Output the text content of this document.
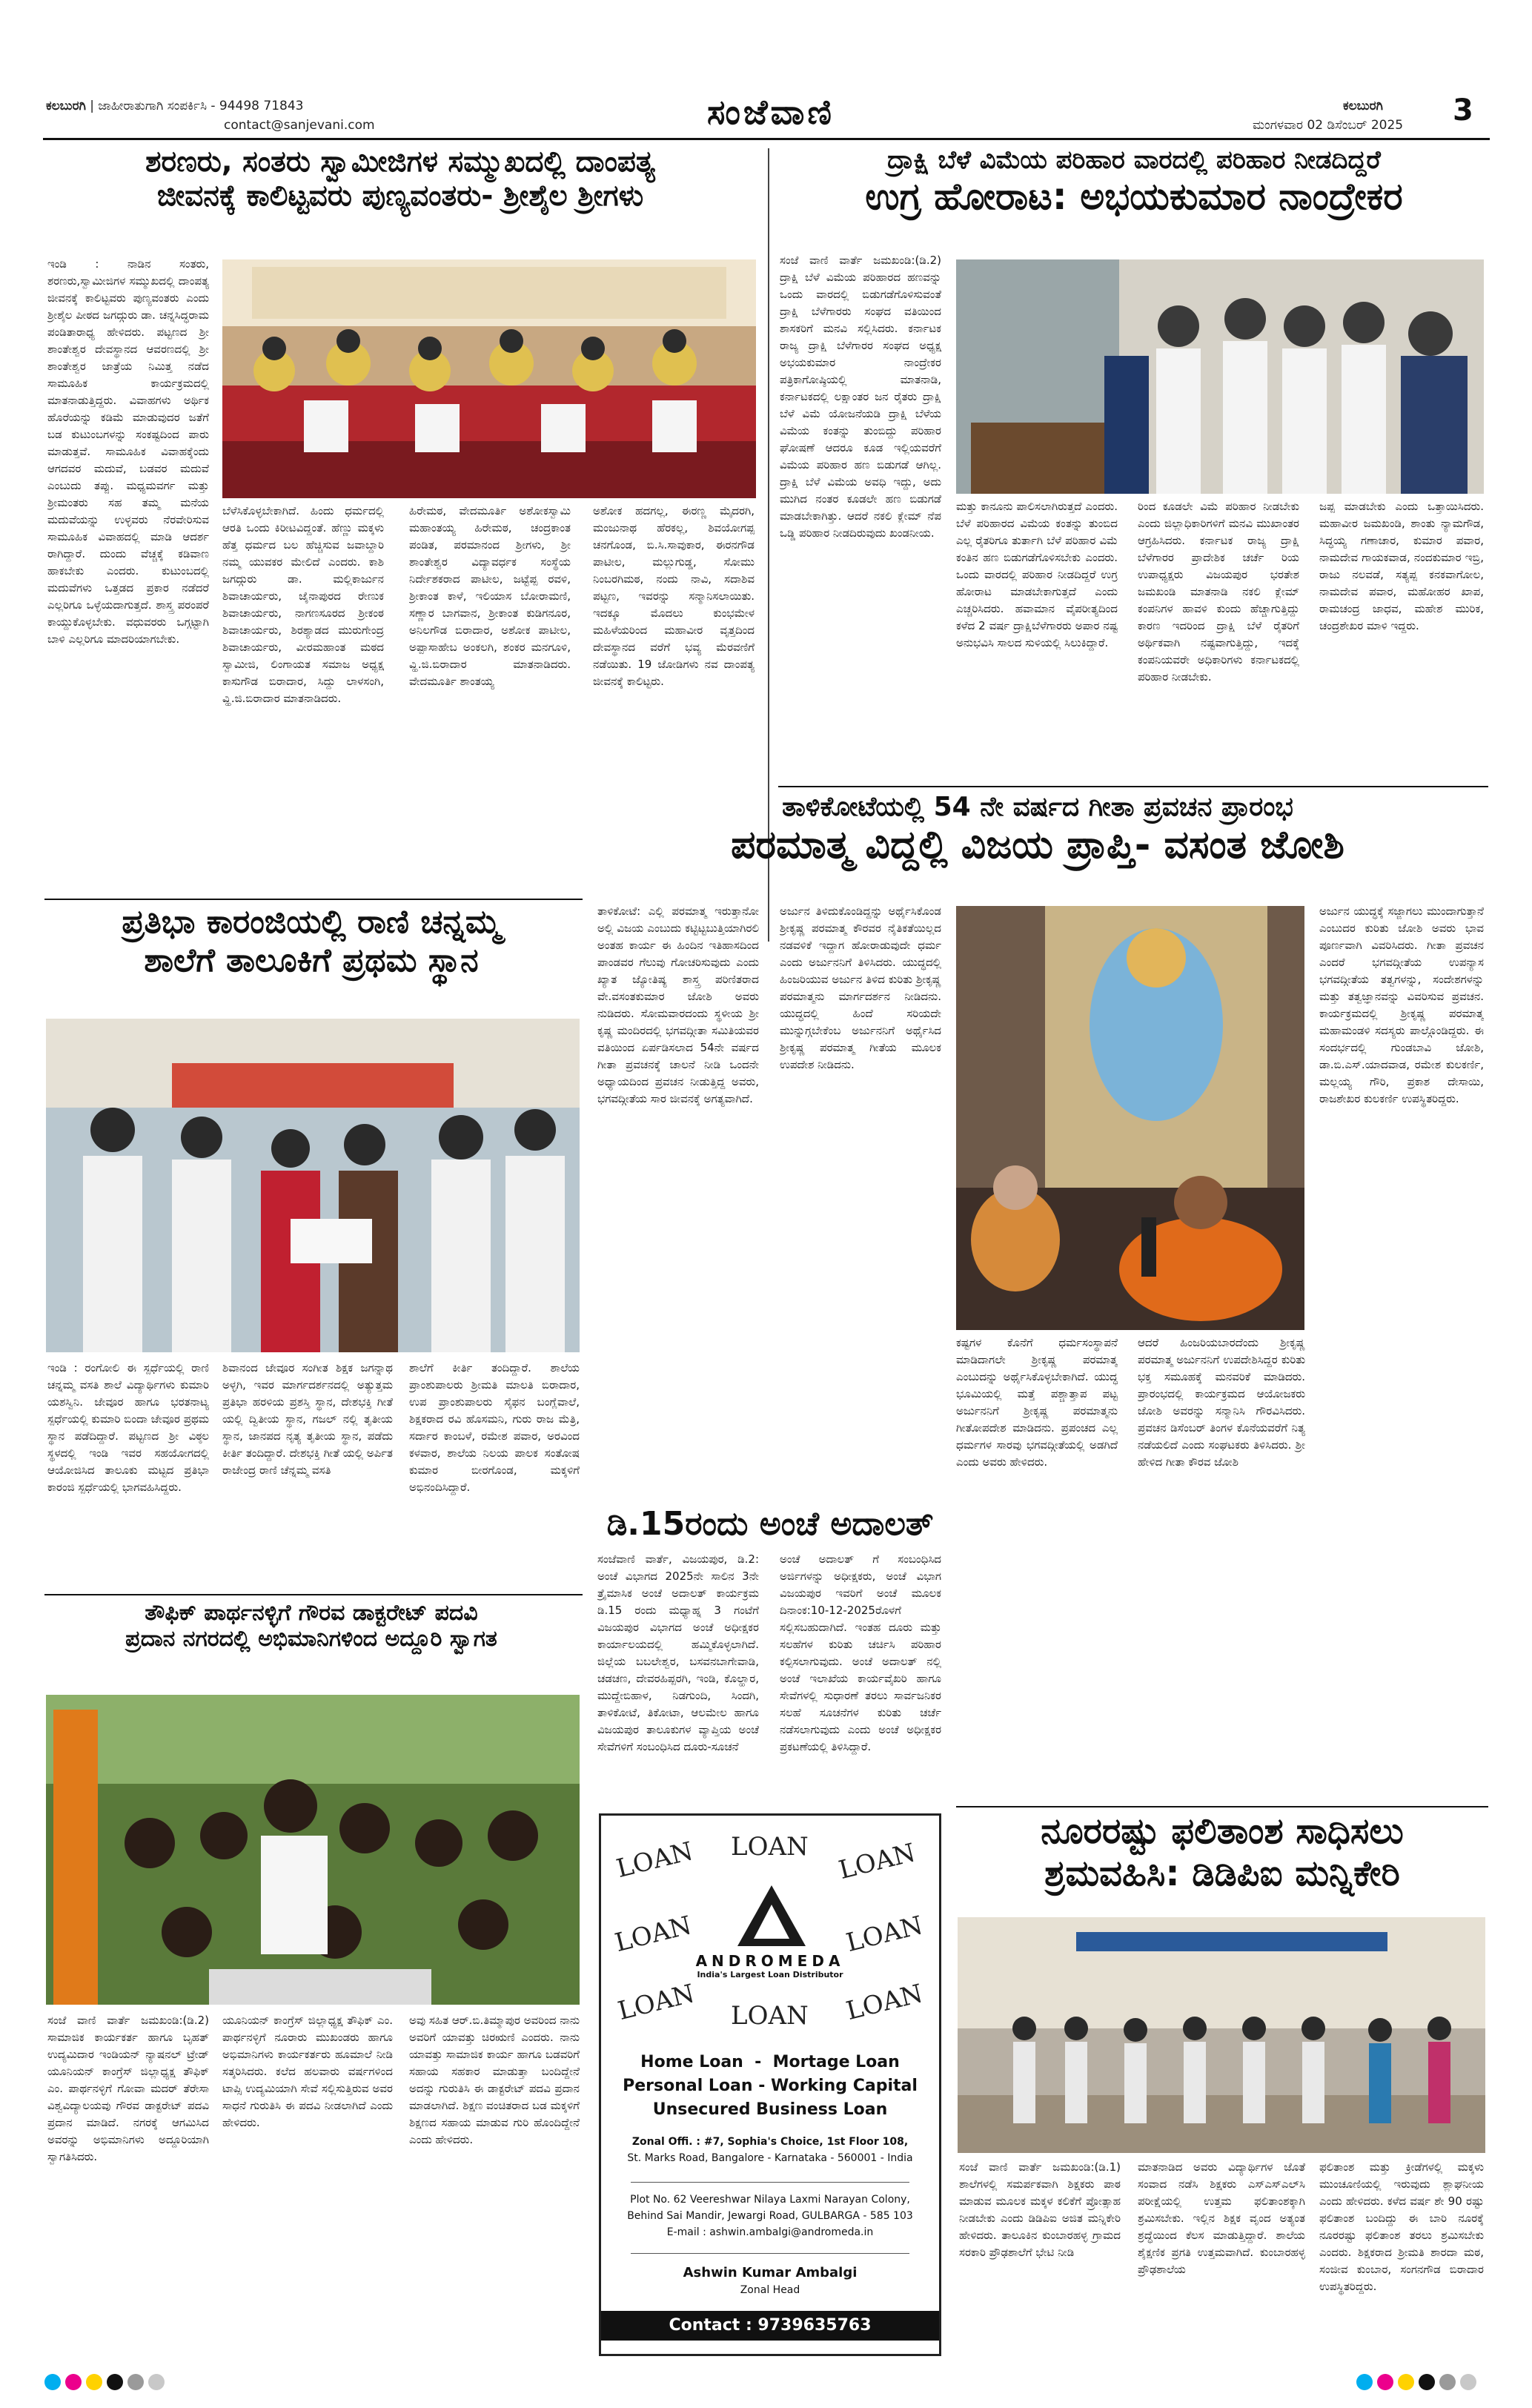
ಕಲಬುರಗಿ | ಜಾಹೀರಾತುಗಾಗಿ ಸಂಪರ್ಕಿಸಿ - 94498 71843
contact@sanjevani.com	ಸಂಜೆವಾಣಿ	ಕಲಬುರಗಿ
ಮಂಗಳವಾರ 02 ಡಿಸೆಂಬರ್ 2025 3
ಶರಣರು, ಸಂತರು ಸ್ವಾಮೀಜಿಗಳ ಸಮ್ಮುಖದಲ್ಲಿ ದಾಂಪತ್ಯ
ಜೀವನಕ್ಕೆ ಕಾಲಿಟ್ಟವರು ಪುಣ್ಯವಂತರು- ಶ್ರೀಶೈಲ ಶ್ರೀಗಳು
ಇಂಡಿ : ನಾಡಿನ ಸಂತರು, ಶರಣರು,ಸ್ವಾಮೀಜಿಗಳ ಸಮ್ಮುಖದಲ್ಲಿ ದಾಂಪತ್ಯ ಜೀವನಕ್ಕೆ ಕಾಲಿಟ್ಟವರು ಪುಣ್ಯವಂತರು ಎಂದು ಶ್ರೀಶೈಲ ಪೀಠದ ಜಗದ್ಗುರು ಡಾ. ಚನ್ನಸಿದ್ಧರಾಮ ಪಂಡಿತಾರಾಧ್ಯ ಹೇಳಿದರು. ಪಟ್ಟಣದ ಶ್ರೀ ಶಾಂತೇಶ್ವರ ದೇವಸ್ಥಾನದ ಆವರಣದಲ್ಲಿ ಶ್ರೀ ಶಾಂತೇಶ್ವರ ಜಾತ್ರೆಯ ನಿಮಿತ್ತ ನಡೆದ ಸಾಮೂಹಿಕ ಕಾರ್ಯಕ್ರಮದಲ್ಲಿ ಮಾತನಾಡುತ್ತಿದ್ದರು. ವಿವಾಹಗಳು ಅರ್ಥಿಕ ಹೊರೆಯನ್ನು ಕಡಿಮೆ ಮಾಡುವುದರ ಜತೆಗೆ ಬಡ ಕುಟುಂಬಗಳನ್ನು ಸಂಕಷ್ಟದಿಂದ ಪಾರು ಮಾಡುತ್ತವೆ. ಸಾಮೂಹಿಕ ವಿವಾಹಕ್ಕೆಂದು ಆಗದವರ ಮದುವೆ, ಬಡವರ ಮದುವೆ ಎಂಬುದು ತಪ್ಪು. ಮಧ್ಯಮವರ್ಗ ಮತ್ತು ಶ್ರೀಮಂತರು ಸಹ ತಮ್ಮ ಮನೆಯ ಮದುವೆಯನ್ನು ಉಳ್ಳವರು ನೆರವೇರಿಸುವ ಸಾಮೂಹಿಕ ವಿವಾಹದಲ್ಲಿ ಮಾಡಿ ಆದರ್ಶ ರಾಗಿದ್ದಾರೆ. ದುಂದು ವೆಚ್ಚಕ್ಕೆ ಕಡಿವಾಣ ಹಾಕಬೇಕು ಎಂದರು. ಕುಟುಂಬದಲ್ಲಿ ಮದುವೆಗಳು ಒತ್ತಡದ ಪ್ರಕಾರ ನಡೆದರೆ ಎಲ್ಲರಿಗೂ ಒಳ್ಳೆಯದಾಗುತ್ತದೆ. ಶಾಸ್ತ್ರ ಪರಂಪರೆ ಕಾಯ್ದುಕೊಳ್ಳಬೇಕು. ವಧುವರರು ಒಗ್ಗಟ್ಟಾಗಿ ಬಾಳಿ ಎಲ್ಲರಿಗೂ ಮಾದರಿಯಾಗಬೇಕು.
ಬೆಳೆಸಿಕೊಳ್ಳಬೇಕಾಗಿದೆ. ಹಿಂದು ಧರ್ಮದಲ್ಲಿ ಆರತಿ ಒಂದು ಕಿರೀಟವಿದ್ದಂತೆ. ಹೆಣ್ಣು ಮಕ್ಕಳು ಹೆತ್ತ ಧರ್ಮದ ಬಲ ಹೆಚ್ಚಿಸುವ ಜವಾಬ್ದಾರಿ ನಮ್ಮ ಯುವಕರ ಮೇಲಿದೆ ಎಂದರು. ಕಾಶಿ ಜಗದ್ಗುರು ಡಾ. ಮಲ್ಲಿಕಾರ್ಜುನ ಶಿವಾಚಾರ್ಯರು, ಜೈನಾಪುರದ ರೇಣುಕ ಶಿವಾಚಾರ್ಯರು, ನಾಗಣಸೂರದ ಶ್ರೀಕಂಠ ಶಿವಾಚಾರ್ಯರು, ಶಿರಶ್ಯಾಡದ ಮುರುಗೇಂದ್ರ ಶಿವಾಚಾರ್ಯರು, ವೀರಮಹಾಂತ ಮಠದ ಸ್ವಾಮೀಜಿ, ಲಿಂಗಾಯತ ಸಮಾಜ ಅಧ್ಯಕ್ಷ ಕಾಸುಗೌಡ ಬಿರಾದಾರ, ಸಿದ್ದು ಲಾಳಸಂಗಿ, ವ್ಹಿ.ಜಿ.ಬಿರಾದಾರ ಮಾತನಾಡಿದರು.
ಹಿರೇಮಠ, ವೇದಮೂರ್ತಿ ಅಶೋಕಸ್ವಾಮಿ ಮಹಾಂತಯ್ಯ ಹಿರೇಮಠ, ಚಂದ್ರಕಾಂತ ಪಂಡಿತ, ಪರಮಾನಂದ ಶ್ರೀಗಳು, ಶ್ರೀ ಶಾಂತೇಶ್ವರ ವಿದ್ಯಾವರ್ಧಕ ಸಂಸ್ಥೆಯ ನಿರ್ದೇಶಕರಾದ ಪಾಟೀಲ, ಜಟ್ಟೆಪ್ಪ ರವಳಿ, ಶ್ರೀಕಾಂತ ಕಾಳೆ, ಇಲಿಯಾಸ ಬೋರಾಮಣಿ, ಸಣ್ಣಾರ ಬಾಗವಾನ, ಶ್ರೀಕಾಂತ ಕುಡಿಗನೂರ, ಅನಿಲಗೌಡ ಬಿರಾದಾರ, ಅಶೋಕ ಪಾಟೀಲ, ಅಪ್ಪಾಸಾಹೇಬ ಅಂಕಲಗಿ, ಶಂಕರ ಮನಗೂಳಿ, ವ್ಹಿ.ಜಿ.ಬಿರಾದಾರ ಮಾತನಾಡಿದರು. ವೇದಮೂರ್ತಿ ಶಾಂತಯ್ಯ
ಅಶೋಕ ಹದಗಲ್ಲ, ಈರಣ್ಣ ಮೈದರಗಿ, ಮಂಜುನಾಥ ಹೆರಕಲ್ಲ, ಶಿವಯೋಗಪ್ಪ ಚನಗೊಂಡ, ಬಿ.ಸಿ.ಸಾವುಕಾರ, ಈರನಗೌಡ ಪಾಟೀಲ, ಮಲ್ಲುಗುಡ್ಡ, ಸೋಮು ನಿಂಬರಗಿಮಠ, ನಂದು ನಾವಿ, ಸದಾಶಿವ ಪಟ್ಟಣ, ಇವರನ್ನು ಸನ್ಮಾನಿಸಲಾಯಿತು. ಇದಕ್ಕೂ ಮೊದಲು ಕುಂಭಮೇಳ ಮಹಿಳೆಯರಿಂದ ಮಹಾವೀರ ವೃತ್ತದಿಂದ ದೇವಸ್ಥಾನದ ವರೆಗೆ ಭವ್ಯ ಮೆರವಣಿಗೆ ನಡೆಯಿತು. 19 ಜೋಡಿಗಳು ನವ ದಾಂಪತ್ಯ ಜೀವನಕ್ಕೆ ಕಾಲಿಟ್ಟರು.
ದ್ರಾಕ್ಷಿ ಬೆಳೆ ವಿಮೆಯ ಪರಿಹಾರ ವಾರದಲ್ಲಿ ಪರಿಹಾರ ನೀಡದಿದ್ದರೆ
ಉಗ್ರ ಹೋರಾಟ: ಅಭಯಕುಮಾರ ನಾಂದ್ರೇಕರ
ಸಂಜೆ ವಾಣಿ ವಾರ್ತೆ ಜಮಖಂಡಿ:(ಡಿ.2) ದ್ರಾಕ್ಷಿ ಬೆಳೆ ವಿಮೆಯ ಪರಿಹಾರದ ಹಣವನ್ನು ಒಂದು ವಾರದಲ್ಲಿ ಬಿಡುಗಡೆಗೊಳಿಸುವಂತೆ ದ್ರಾಕ್ಷಿ ಬೆಳೆಗಾರರು ಸಂಘದ ವತಿಯಿಂದ ಶಾಸಕರಿಗೆ ಮನವಿ ಸಲ್ಲಿಸಿದರು. ಕರ್ನಾಟಕ ರಾಜ್ಯ ದ್ರಾಕ್ಷಿ ಬೆಳೆಗಾರರ ಸಂಘದ ಅಧ್ಯಕ್ಷ ಅಭಯಕುಮಾರ ನಾಂದ್ರೇಕರ ಪತ್ರಿಕಾಗೋಷ್ಠಿಯಲ್ಲಿ ಮಾತನಾಡಿ, ಕರ್ನಾಟಕದಲ್ಲಿ ಲಕ್ಷಾಂತರ ಜನ ರೈತರು ದ್ರಾಕ್ಷಿ ಬೆಳೆ ವಿಮೆ ಯೋಜನೆಯಡಿ ದ್ರಾಕ್ಷಿ ಬೆಳೆಯ ವಿಮೆಯ ಕಂತನ್ನು ತುಂಬಿದ್ದು ಪರಿಹಾರ ಘೋಷಣೆ ಆದರೂ ಕೂಡ ಇಲ್ಲಿಯವರೆಗೆ ವಿಮೆಯ ಪರಿಹಾರ ಹಣ ಬಿಡುಗಡೆ ಆಗಿಲ್ಲ. ದ್ರಾಕ್ಷಿ ಬೆಳೆ ವಿಮೆಯ ಅವಧಿ ಇದ್ದು, ಅದು ಮುಗಿದ ನಂತರ ಕೂಡಲೇ ಹಣ ಬಿಡುಗಡೆ ಮಾಡಬೇಕಾಗಿತ್ತು. ಆದರೆ ನಕಲಿ ಕ್ಲೇಮ್ ನೆಪ ಒಡ್ಡಿ ಪರಿಹಾರ ನೀಡದಿರುವುದು ಖಂಡನೀಯ.
ಮತ್ತು ಕಾನೂನು ಪಾಲಿಸಲಾಗಿರುತ್ತದೆ ಎಂದರು. ಬೆಳೆ ಪರಿಹಾರದ ವಿಮೆಯ ಕಂತನ್ನು ತುಂಬಿದ ಎಲ್ಲ ರೈತರಿಗೂ ತುರ್ತಾಗಿ ಬೆಳೆ ಪರಿಹಾರ ವಿಮೆ ಕಂತಿನ ಹಣ ಬಿಡುಗಡೆಗೊಳಿಸಬೇಕು ಎಂದರು. ಒಂದು ವಾರದಲ್ಲಿ ಪರಿಹಾರ ನೀಡದಿದ್ದರೆ ಉಗ್ರ ಹೋರಾಟ ಮಾಡಬೇಕಾಗುತ್ತದೆ ಎಂದು ಎಚ್ಚರಿಸಿದರು. ಹವಾಮಾನ ವೈಪರೀತ್ಯದಿಂದ ಕಳೆದ 2 ವರ್ಷ ದ್ರಾಕ್ಷಿಬೆಳೆಗಾರರು ಅಪಾರ ನಷ್ಟ ಅನುಭವಿಸಿ ಸಾಲದ ಸುಳಿಯಲ್ಲಿ ಸಿಲುಕಿದ್ದಾರೆ.
ರಿಂದ ಕೂಡಲೇ ವಿಮೆ ಪರಿಹಾರ ನೀಡಬೇಕು ಎಂದು ಜಿಲ್ಲಾಧಿಕಾರಿಗಳಿಗೆ ಮನವಿ ಮುಖಾಂತರ ಆಗ್ರಹಿಸಿದರು. ಕರ್ನಾಟಕ ರಾಜ್ಯ ದ್ರಾಕ್ಷಿ ಬೆಳೆಗಾರರ ಪ್ರಾದೇಶಿಕ ಚರ್ಚೆ ರಿಯ ಉಪಾಧ್ಯಕ್ಷರು ವಿಜಯಪುರ ಭರತೇಶ ಜಮಖಂಡಿ ಮಾತನಾಡಿ ನಕಲಿ ಕ್ಲೇಮ್ ಕಂಪನಿಗಳ ಹಾವಳಿ ಕುಂದು ಹೆಚ್ಚಾಗುತ್ತಿದ್ದು ಕಾರಣ ಇದರಿಂದ ದ್ರಾಕ್ಷಿ ಬೆಳೆ ರೈತರಿಗೆ ಅರ್ಥಿಕವಾಗಿ ನಷ್ಟವಾಗುತ್ತಿದ್ದು, ಇದಕ್ಕೆ ಕಂಪನಿಯವರೇ ಅಧಿಕಾರಿಗಳು ಕರ್ನಾಟಕದಲ್ಲಿ ಪರಿಹಾರ ನೀಡಬೇಕು.
ಜಪ್ಪ ಮಾಡಬೇಕು ಎಂದು ಒತ್ತಾಯಿಸಿದರು. ಮಹಾವೀರ ಜಮಖಂಡಿ, ಶಾಂತು ನ್ಯಾಮಗೌಡ, ಸಿದ್ಧಯ್ಯ ಗಣಾಚಾರ, ಕುಮಾರ ಪವಾರ, ನಾಮದೇವ ಗಾಯಕವಾಡ, ನಂದಕುಮಾರ ಇಬ್ರಿ, ರಾಜು ನಲವಡೆ, ಸತ್ಯಪ್ಪ ಕನಕವಾಗೋಲ, ನಾಮದೇವ ಪವಾರ, ಮಹೋಹರ ಖಾಪ, ರಾಮಚಂದ್ರ ಜಾಧವ, ಮಹೇಶ ಮುರಿಕ, ಚಂದ್ರಶೇಖರ ಮಾಳಿ ಇದ್ದರು.
ತಾಳಿಕೋಟೆಯಲ್ಲಿ 54 ನೇ ವರ್ಷದ ಗೀತಾ ಪ್ರವಚನ ಪ್ರಾರಂಭ
ಪರಮಾತ್ಮ ವಿದ್ದಲ್ಲಿ ವಿಜಯ ಪ್ರಾಪ್ತಿ- ವಸಂತ ಜೋಶಿ
ತಾಳಿಕೋಟೆ: ಎಲ್ಲಿ ಪರಮಾತ್ಮ ಇರುತ್ತಾನೋ ಅಲ್ಲಿ ವಿಜಯ ಎಂಬುದು ಕಟ್ಟಿಟ್ಟಬುತ್ತಿಯಾಗಿರಲಿ ಅಂತಹ ಕಾರ್ಯ ಈ ಹಿಂದಿನ ಇತಿಹಾಸದಿಂದ ಪಾಂಡವರ ಗೆಲುವು ಗೋಚರಿಸುವುದು ಎಂದು ಖ್ಯಾತ ಜ್ಯೋತಿಷ್ಯ ಶಾಸ್ತ್ರ ಪರಿಣಿತರಾದ ವೇ.ವಸಂತಕುಮಾರ ಜೋಶಿ ಅವರು ನುಡಿದರು. ಸೋಮವಾರದಂದು ಸ್ಥಳೀಯ ಶ್ರೀ ಕೃಷ್ಣ ಮಂದಿರದಲ್ಲಿ ಭಗವದ್ಗೀತಾ ಸಮಿತಿಯವರ ವತಿಯಿಂದ ಏರ್ಪಡಿಸಲಾದ 54ನೇ ವರ್ಷದ ಗೀತಾ ಪ್ರವಚನಕ್ಕೆ ಚಾಲನೆ ನೀಡಿ ಒಂದನೇ ಅಧ್ಯಾಯದಿಂದ ಪ್ರವಚನ ನೀಡುತ್ತಿದ್ದ ಅವರು, ಭಗವದ್ಗೀತೆಯ ಸಾರ ಜೀವನಕ್ಕೆ ಅಗತ್ಯವಾಗಿದೆ.
ಅರ್ಜುನ ತಿಳಿದುಕೊಂಡಿದ್ದನ್ನು ಅರ್ಥೈಸಿಕೊಂಡ ಶ್ರೀಕೃಷ್ಣ ಪರಮಾತ್ಮ ಕೌರವರ ನೈತಿಕತೆಯಿಲ್ಲದ ನಡವಳಿಕೆ ಇದ್ದಾಗ ಹೋರಾಡುವುದೇ ಧರ್ಮ ಎಂದು ಅರ್ಜುನನಿಗೆ ತಿಳಿಸಿದರು. ಯುದ್ಧದಲ್ಲಿ ಹಿಂಜರಿಯುವ ಅರ್ಜುನ ತಿಳಿದ ಕುರಿತು ಶ್ರೀಕೃಷ್ಣ ಪರಮಾತ್ಮನು ಮಾರ್ಗದರ್ಶನ ನೀಡಿದನು. ಯುದ್ಧದಲ್ಲಿ ಹಿಂದೆ ಸರಿಯದೇ ಮುನ್ನುಗ್ಗಬೇಕೆಂಬ ಅರ್ಜುನನಿಗೆ ಅರ್ಥೈಸಿದ ಶ್ರೀಕೃಷ್ಣ ಪರಮಾತ್ಮ ಗೀತೆಯ ಮೂಲಕ ಉಪದೇಶ ನೀಡಿದನು.
ಅರ್ಜುನ ಯುದ್ಧಕ್ಕೆ ಸಜ್ಜಾಗಲು ಮುಂದಾಗುತ್ತಾನೆ ಎಂಬುದರ ಕುರಿತು ಜೋಶಿ ಅವರು ಭಾವ ಪೂರ್ಣವಾಗಿ ವಿವರಿಸಿದರು. ಗೀತಾ ಪ್ರವಚನ ಎಂದರೆ ಭಗವದ್ಗೀತೆಯ ಉಪನ್ಯಾಸ ಭಗವದ್ಗೀತೆಯ ತತ್ವಗಳನ್ನು, ಸಂದೇಶಗಳನ್ನು ಮತ್ತು ತತ್ವಜ್ಞಾನವನ್ನು ವಿವರಿಸುವ ಪ್ರವಚನ. ಕಾರ್ಯಕ್ರಮದಲ್ಲಿ ಶ್ರೀಕೃಷ್ಣ ಪರಮಾತ್ಮ ಮಹಾಮಂಡಳಿ ಸದಸ್ಯರು ಪಾಲ್ಗೊಂಡಿದ್ದರು. ಈ ಸಂದರ್ಭದಲ್ಲಿ ಗುಂಡಬಾವಿ ಜೋಶಿ, ಡಾ.ಬಿ.ಎಸ್.ಯಾದವಾಡ, ರಮೇಶ ಕುಲಕರ್ಣಿ, ಮಲ್ಲಯ್ಯ ಗೌರಿ, ಪ್ರಕಾಶ ದೇಸಾಯಿ, ರಾಜಶೇಖರ ಕುಲಕರ್ಣಿ ಉಪಸ್ಥಿತರಿದ್ದರು.
ಕಷ್ಟಗಳ ಕೊನೆಗೆ ಧರ್ಮಸಂಸ್ಥಾಪನೆ ಮಾಡಿದಾಗಲೇ ಶ್ರೀಕೃಷ್ಣ ಪರಮಾತ್ಮ ಎಂಬುದನ್ನು ಅರ್ಥೈಸಿಕೊಳ್ಳಬೇಕಾಗಿದೆ. ಯುದ್ಧ ಭೂಮಿಯಲ್ಲಿ ಮತ್ತೆ ಪಶ್ಚಾತ್ತಾಪ ಪಟ್ಟ ಅರ್ಜುನನಿಗೆ ಶ್ರೀಕೃಷ್ಣ ಪರಮಾತ್ಮನು ಗೀತೋಪದೇಶ ಮಾಡಿದನು. ಪ್ರಪಂಚದ ಎಲ್ಲ ಧರ್ಮಗಳ ಸಾರವು ಭಗವದ್ಗೀತೆಯಲ್ಲಿ ಅಡಗಿದೆ ಎಂದು ಅವರು ಹೇಳಿದರು.
ಆದರೆ ಹಿಂಜರಿಯಬಾರದೆಂದು ಶ್ರೀಕೃಷ್ಣ ಪರಮಾತ್ಮ ಅರ್ಜುನನಿಗೆ ಉಪದೇಶಿಸಿದ್ದರ ಕುರಿತು ಭಕ್ತ ಸಮೂಹಕ್ಕೆ ಮನವರಿಕೆ ಮಾಡಿದರು. ಪ್ರಾರಂಭದಲ್ಲಿ ಕಾರ್ಯಕ್ರಮದ ಆಯೋಜಕರು ಜೋಶಿ ಅವರನ್ನು ಸನ್ಮಾನಿಸಿ ಗೌರವಿಸಿದರು. ಪ್ರವಚನ ಡಿಸೆಂಬರ್ ತಿಂಗಳ ಕೊನೆಯವರೆಗೆ ನಿತ್ಯ ನಡೆಯಲಿದೆ ಎಂದು ಸಂಘಟಕರು ತಿಳಿಸಿದರು. ಶ್ರೀ ಹೇಳಿದ ಗೀತಾ ಕೌರವ ಜೋಶಿ
ಪ್ರತಿಭಾ ಕಾರಂಜಿಯಲ್ಲಿ ರಾಣಿ ಚನ್ನಮ್ಮ
ಶಾಲೆಗೆ ತಾಲೂಕಿಗೆ ಪ್ರಥಮ ಸ್ಥಾನ
ಇಂಡಿ : ರಂಗೋಲಿ ಈ ಸ್ಪರ್ಧೆಯಲ್ಲಿ ರಾಣಿ ಚನ್ನಮ್ಮ ವಸತಿ ಶಾಲೆ ವಿದ್ಯಾರ್ಥಿಗಳು ಕುಮಾರಿ ಯಶಸ್ವಿನಿ. ಜೇವೂರ ಹಾಗೂ ಭರತನಾಟ್ಯ ಸ್ಪರ್ಧೆಯಲ್ಲಿ ಕುಮಾರಿ ಬಿಂದಾ ಜೇವೂರ ಪ್ರಥಮ ಸ್ಥಾನ ಪಡೆದಿದ್ದಾರೆ. ಪಟ್ಟಣದ ಶ್ರೀ ವಿಠ್ಠಲ ಸ್ಥಳದಲ್ಲಿ ಇಂಡಿ ಇವರ ಸಹಯೋಗದಲ್ಲಿ ಆಯೋಜಿಸಿದ ತಾಲೂಕು ಮಟ್ಟದ ಪ್ರತಿಭಾ ಕಾರಂಜಿ ಸ್ಪರ್ಧೆಯಲ್ಲಿ ಭಾಗವಹಿಸಿದ್ದರು.
ಶಿವಾನಂದ ಜೇವೂರ ಸಂಗೀತ ಶಿಕ್ಷಕ ಜಗನ್ನಾಥ ಅಳ್ಳಗಿ, ಇವರ ಮಾರ್ಗದರ್ಶನದಲ್ಲಿ ಅತ್ಯುತ್ತಮ ಪ್ರತಿಭಾ ಹರಳಿಯ ಪ್ರಶಸ್ತಿ ಸ್ಥಾನ, ದೇಶಭಕ್ತಿ ಗೀತೆ ಯಲ್ಲಿ ದ್ವಿತೀಯ ಸ್ಥಾನ, ಗಜಲ್ ನಲ್ಲಿ ತೃತೀಯ ಸ್ಥಾನ, ಜಾನಪದ ನೃತ್ಯ ತೃತೀಯ ಸ್ಥಾನ, ಪಡೆದು ಕೀರ್ತಿ ತಂದಿದ್ದಾರೆ. ದೇಶಭಕ್ತಿ ಗೀತೆ ಯಲ್ಲಿ ಅರ್ಪಿತ ರಾಜೇಂದ್ರ ರಾಣಿ ಚೆನ್ನಮ್ಮ ವಸತಿ
ಶಾಲೆಗೆ ಕೀರ್ತಿ ತಂದಿದ್ದಾರೆ. ಶಾಲೆಯ ಪ್ರಾಂಶುಪಾಲರು ಶ್ರೀಮತಿ ಮಾಲತಿ ಬಿರಾದಾರ, ಉಪ ಪ್ರಾಂಶುಪಾಲರು ಸೈಫನ ಬಂಗ್ಲೆವಾಲೆ, ಶಿಕ್ಷಕರಾದ ರವಿ ಹೊಸಮನಿ, ಗುರು ರಾಜ ಮೆತ್ರಿ, ಸರ್ದಾರ ಕಾಂಬಳೆ, ರಮೇಶ ಪವಾರ, ಅರವಿಂದ ಕಳವಾರ, ಶಾಲೆಯ ನಿಲಯ ಪಾಲಕ ಸಂತೋಷ ಕುಮಾರ ಬೀರಗೊಂಡ, ಮಕ್ಕಳಿಗೆ ಅಭಿನಂದಿಸಿದ್ದಾರೆ.
ತೌಫಿಕ್ ಪಾರ್ಥನಳ್ಳಿಗೆ ಗೌರವ ಡಾಕ್ಟರೇಟ್ ಪದವಿ
ಪ್ರದಾನ ನಗರದಲ್ಲಿ ಅಭಿಮಾನಿಗಳಿಂದ ಅದ್ದೂರಿ ಸ್ವಾಗತ
ಸಂಜೆ ವಾಣಿ ವಾರ್ತೆ ಜಮಖಂಡಿ:(ಡಿ.2) ಸಾಮಾಜಿಕ ಕಾರ್ಯಕರ್ತ ಹಾಗೂ ಬೃಹತ್ ಉದ್ಯಮಿದಾರ ಇಂಡಿಯನ್ ನ್ಯಾಷನಲ್ ಟ್ರೇಡ್ ಯೂನಿಯನ್ ಕಾಂಗ್ರೆಸ್ ಜಿಲ್ಲಾಧ್ಯಕ್ಷ ತೌಫಿಕ್ ಎಂ. ಪಾರ್ಥನಳ್ಳಿಗೆ ಗೋವಾ ಮದರ್ ತೆರೇಸಾ ವಿಶ್ವವಿದ್ಯಾಲಯವು ಗೌರವ ಡಾಕ್ಟರೇಟ್ ಪದವಿ ಪ್ರದಾನ ಮಾಡಿದೆ. ನಗರಕ್ಕೆ ಆಗಮಿಸಿದ ಅವರನ್ನು ಅಭಿಮಾನಿಗಳು ಅದ್ದೂರಿಯಾಗಿ ಸ್ವಾಗತಿಸಿದರು.
ಯೂನಿಯನ್ ಕಾಂಗ್ರೆಸ್ ಜಿಲ್ಲಾಧ್ಯಕ್ಷ ತೌಫಿಕ್ ಎಂ. ಪಾರ್ಥನಳ್ಳಿಗೆ ನೂರಾರು ಮುಖಂಡರು ಹಾಗೂ ಅಭಿಮಾನಿಗಳು ಕಾರ್ಯಕರ್ತರು ಹೂಮಾಲೆ ನೀಡಿ ಸತ್ಕರಿಸಿದರು. ಕಲೆದ ಹಲವಾರು ವರ್ಷಗಳಿಂದ ಟಾಪ್ಸಿ ಉದ್ಯಮಿಯಾಗಿ ಸೇವೆ ಸಲ್ಲಿಸುತ್ತಿರುವ ಅವರ ಸಾಧನೆ ಗುರುತಿಸಿ ಈ ಪದವಿ ನೀಡಲಾಗಿದೆ ಎಂದು ಹೇಳಿದರು.
ಅವು ಸಹಿತ ಆರ್.ಬಿ.ತಿಮ್ಮಾಪುರ ಅವರಿಂದ ನಾನು ಅವರಿಗೆ ಯಾವತ್ತು ಚಿರಋಣಿ ಎಂದರು. ನಾನು ಯಾವತ್ತು ಸಾಮಾಜಿಕ ಕಾರ್ಯ ಹಾಗೂ ಬಡವರಿಗೆ ಸಹಾಯ ಸಹಕಾರ ಮಾಡುತ್ತಾ ಬಂದಿದ್ದೇನೆ ಅದನ್ನು ಗುರುತಿಸಿ ಈ ಡಾಕ್ಟರೇಟ್ ಪದವಿ ಪ್ರದಾನ ಮಾಡಲಾಗಿದೆ. ಶಿಕ್ಷಣ ವಂಚಿತರಾದ ಬಡ ಮಕ್ಕಳಿಗೆ ಶಿಕ್ಷಣದ ಸಹಾಯ ಮಾಡುವ ಗುರಿ ಹೊಂದಿದ್ದೇನೆ ಎಂದು ಹೇಳಿದರು.
ಡಿ.15ರಂದು ಅಂಚೆ ಅದಾಲತ್
ಸಂಜೆವಾಣಿ ವಾರ್ತೆ, ವಿಜಯಪುರ, ಡಿ.2: ಅಂಚೆ ವಿಭಾಗದ 2025ನೇ ಸಾಲಿನ 3ನೇ ತ್ರೈಮಾಸಿಕ ಅಂಚೆ ಅದಾಲತ್ ಕಾರ್ಯಕ್ರಮ ಡಿ.15 ರಂದು ಮಧ್ಯಾಹ್ನ 3 ಗಂಟೆಗೆ ವಿಜಯಪುರ ವಿಭಾಗದ ಅಂಚೆ ಅಧೀಕ್ಷಕರ ಕಾರ್ಯಾಲಯದಲ್ಲಿ ಹಮ್ಮಿಕೊಳ್ಳಲಾಗಿದೆ. ಜಿಲ್ಲೆಯ ಬಬಲೇಶ್ವರ, ಬಸವನಬಾಗೇವಾಡಿ, ಚಡಚಣ, ದೇವರಹಿಪ್ಪರಗಿ, ಇಂಡಿ, ಕೊಲ್ಹಾರ, ಮುದ್ದೇಬಿಹಾಳ, ನಿಡಗುಂದಿ, ಸಿಂದಗಿ, ತಾಳಿಕೋಟೆ, ತಿಕೋಟಾ, ಆಲಮೇಲ ಹಾಗೂ ವಿಜಯಪುರ ತಾಲೂಕುಗಳ ವ್ಯಾಪ್ತಿಯ ಅಂಚೆ ಸೇವೆಗಳಿಗೆ ಸಂಬಂಧಿಸಿದ ದೂರು-ಸೂಚನೆ
ಅಂಚೆ ಅದಾಲತ್ ಗೆ ಸಂಬಂಧಿಸಿದ ಅರ್ಜಿಗಳನ್ನು ಅಧೀಕ್ಷಕರು, ಅಂಚೆ ವಿಭಾಗ ವಿಜಯಪುರ ಇವರಿಗೆ ಅಂಚೆ ಮೂಲಕ ದಿನಾಂಕ:10-12-2025ರೊಳಗೆ ಸಲ್ಲಿಸಬಹುದಾಗಿದೆ. ಇಂತಹ ದೂರು ಮತ್ತು ಸಲಹೆಗಳ ಕುರಿತು ಚರ್ಚಿಸಿ ಪರಿಹಾರ ಕಲ್ಪಿಸಲಾಗುವುದು. ಅಂಚೆ ಅದಾಲತ್ ನಲ್ಲಿ ಅಂಚೆ ಇಲಾಖೆಯ ಕಾರ್ಯವೈಖರಿ ಹಾಗೂ ಸೇವೆಗಳಲ್ಲಿ ಸುಧಾರಣೆ ತರಲು ಸಾರ್ವಜನಿಕರ ಸಲಹೆ ಸೂಚನೆಗಳ ಕುರಿತು ಚರ್ಚೆ ನಡೆಸಲಾಗುವುದು ಎಂದು ಅಂಚೆ ಅಧೀಕ್ಷಕರ ಪ್ರಕಟಣೆಯಲ್ಲಿ ತಿಳಿಸಿದ್ದಾರೆ.
LOAN LOAN LOAN
LOAN	LOAN
LOAN LOAN LOAN
ANDROMEDA
India's Largest Loan Distributor
Home Loan  -  Mortage Loan
Personal Loan - Working Capital
Unsecured Business Loan
Zonal Offi. : #7, Sophia's Choice, 1st Floor 108,
St. Marks Road, Bangalore - Karnataka - 560001 - India
Plot No. 62 Veereshwar Nilaya Laxmi Narayan Colony,
Behind Sai Mandir, Jewargi Road, GULBARGA - 585 103
E-mail : ashwin.ambalgi@andromeda.in
Ashwin Kumar Ambalgi
Zonal Head
Contact : 9739635763
ನೂರರಷ್ಟು ಫಲಿತಾಂಶ ಸಾಧಿಸಲು
ಶ್ರಮವಹಿಸಿ: ಡಿಡಿಪಿಐ ಮನ್ನಿಕೇರಿ
ಸಂಜೆ ವಾಣಿ ವಾರ್ತೆ ಜಮಖಂಡಿ:(ಡಿ.1) ಶಾಲೆಗಳಲ್ಲಿ ಸಮರ್ಪಕವಾಗಿ ಶಿಕ್ಷಕರು ಪಾಠ ಮಾಡುವ ಮೂಲಕ ಮಕ್ಕಳ ಕಲಿಕೆಗೆ ಪ್ರೋತ್ಸಾಹ ನೀಡಬೇಕು ಎಂದು ಡಿಡಿಪಿಐ ಅಜಿತ ಮನ್ನಿಕೇರಿ ಹೇಳಿದರು. ತಾಲೂಕಿನ ಕುಂಬಾರಹಳ್ಳ ಗ್ರಾಮದ ಸರಕಾರಿ ಪ್ರೌಢಶಾಲೆಗೆ ಭೇಟಿ ನೀಡಿ
ಮಾತನಾಡಿದ ಅವರು ವಿದ್ಯಾರ್ಥಿಗಳ ಜೊತೆ ಸಂವಾದ ನಡೆಸಿ ಶಿಕ್ಷಕರು ಎಸ್ಎಸ್ಎಲ್‌ಸಿ ಪರೀಕ್ಷೆಯಲ್ಲಿ ಉತ್ತಮ ಫಲಿತಾಂಶಕ್ಕಾಗಿ ಶ್ರಮಿಸಬೇಕು. ಇಲ್ಲಿನ ಶಿಕ್ಷಕ ವೃಂದ ಅತ್ಯಂತ ಶ್ರದ್ಧೆಯಿಂದ ಕೆಲಸ ಮಾಡುತ್ತಿದ್ದಾರೆ. ಶಾಲೆಯ ಶೈಕ್ಷಣಿಕ ಪ್ರಗತಿ ಉತ್ತಮವಾಗಿದೆ. ಕುಂಬಾರಹಳ್ಳ ಪ್ರೌಢಶಾಲೆಯ
ಫಲಿತಾಂಶ ಮತ್ತು ಕ್ರೀಡೆಗಳಲ್ಲಿ ಮಕ್ಕಳು ಮುಂಚೂಣಿಯಲ್ಲಿ ಇರುವುದು ಶ್ಲಾಘನೀಯ ಎಂದು ಹೇಳಿದರು. ಕಳೆದ ವರ್ಷ ಶೇ 90 ರಷ್ಟು ಫಲಿತಾಂಶ ಬಂದಿದ್ದು ಈ ಬಾರಿ ನೂರಕ್ಕೆ ನೂರರಷ್ಟು ಫಲಿತಾಂಶ ತರಲು ಶ್ರಮಿಸಬೇಕು ಎಂದರು. ಶಿಕ್ಷಕರಾದ ಶ್ರೀಮತಿ ಶಾರದಾ ಮಠ, ಸಂಜೀವ ಕುಂಬಾರ, ಸಂಗನಗೌಡ ಬಿರಾದಾರ ಉಪಸ್ಥಿತರಿದ್ದರು.
